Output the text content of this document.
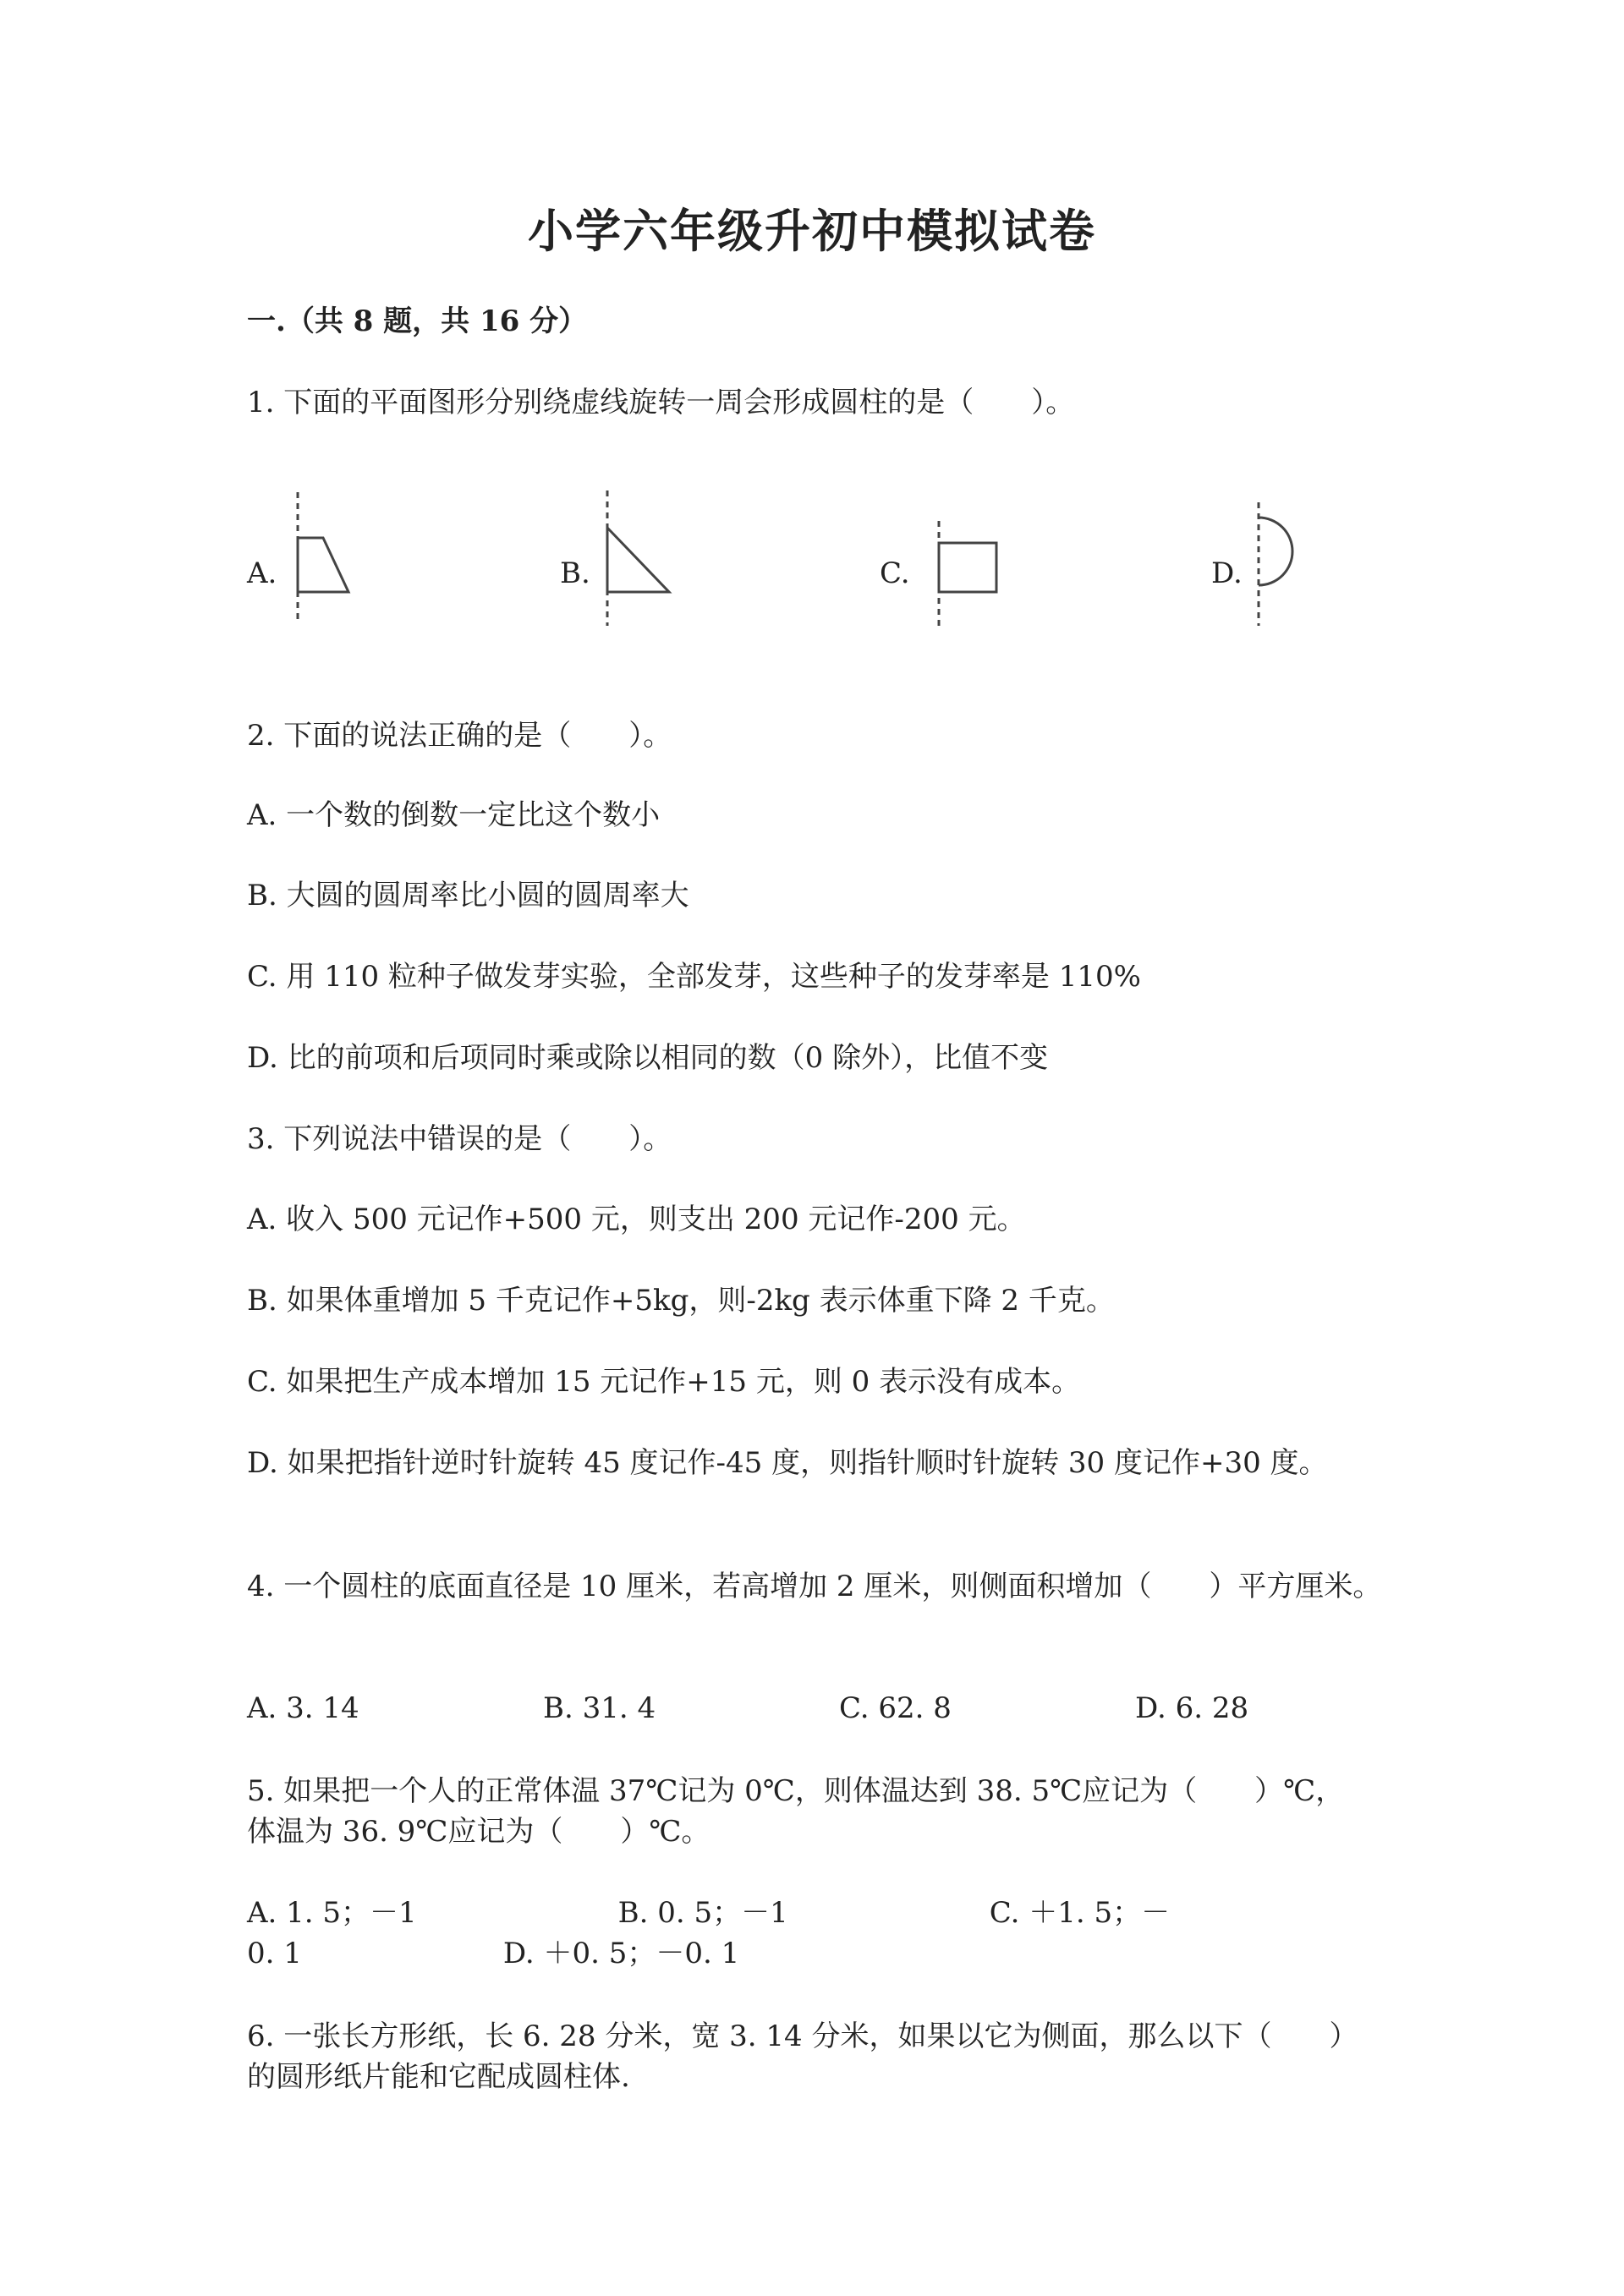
小学六年级升初中模拟试卷
一.（共 8 题，共 16 分）
1. 下面的平面图形分别绕虚线旋转一周会形成圆柱的是（　　）。
A.	B.	C.	D.
2. 下面的说法正确的是（　　）。
A. 一个数的倒数一定比这个数小
B. 大圆的圆周率比小圆的圆周率大
C. 用 110 粒种子做发芽实验，全部发芽，这些种子的发芽率是 110%
D. 比的前项和后项同时乘或除以相同的数（0 除外），比值不变
3. 下列说法中错误的是（　　）。
A. 收入 500 元记作+500 元，则支出 200 元记作-200 元。
B. 如果体重增加 5 千克记作+5kg，则-2kg 表示体重下降 2 千克。
C. 如果把生产成本增加 15 元记作+15 元，则 0 表示没有成本。
D. 如果把指针逆时针旋转 45 度记作-45 度，则指针顺时针旋转 30 度记作+30 度。
4. 一个圆柱的底面直径是 10 厘米，若高增加 2 厘米，则侧面积增加（　　）平方厘米。
A. 3. 14	B. 31. 4	C. 62. 8	D. 6. 28
5. 如果把一个人的正常体温 37℃记为 0℃，则体温达到 38. 5℃应记为（　　）℃，体温为 36. 9℃应记为（　　）℃。
A. 1. 5；－1　　　　　　　B. 0. 5；－1　　　　　　　C. ＋1. 5；－
0. 1　　　　　　　D. ＋0. 5；－0. 1
6. 一张长方形纸，长 6. 28 分米，宽 3. 14 分米，如果以它为侧面，那么以下（　　）的圆形纸片能和它配成圆柱体.
